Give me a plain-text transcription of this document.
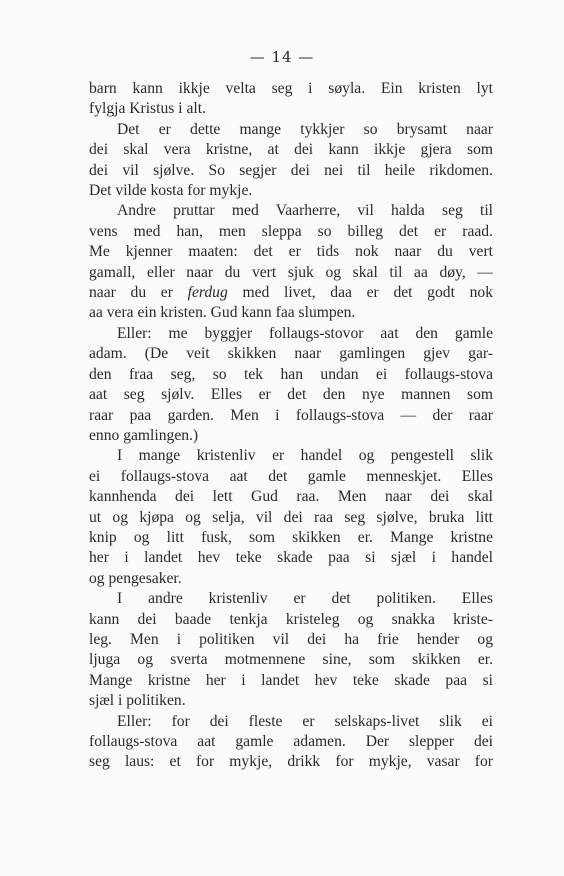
— 14 —
barn kann ikkje velta seg i søyla. Ein kristen lyt
fylgja Kristus i alt.
Det er dette mange tykkjer so brysamt naar
dei skal vera kristne, at dei kann ikkje gjera som
dei vil sjølve. So segjer dei nei til heile rikdomen.
Det vilde kosta for mykje.
Andre pruttar med Vaarherre, vil halda seg til
vens med han, men sleppa so billeg det er raad.
Me kjenner maaten: det er tids nok naar du vert
gamall, eller naar du vert sjuk og skal til aa døy, —
naar du er ferdug med livet, daa er det godt nok
aa vera ein kristen. Gud kann faa slumpen.
Eller: me byggjer follaugs-stovor aat den gamle
adam. (De veit skikken naar gamlingen gjev gar-
den fraa seg, so tek han undan ei follaugs-stova
aat seg sjølv. Elles er det den nye mannen som
raar paa garden. Men i follaugs-stova — der raar
enno gamlingen.)
I mange kristenliv er handel og pengestell slik
ei follaugs-stova aat det gamle menneskjet. Elles
kannhenda dei lett Gud raa. Men naar dei skal
ut og kjøpa og selja, vil dei raa seg sjølve, bruka litt
knip og litt fusk, som skikken er. Mange kristne
her i landet hev teke skade paa si sjæl i handel
og pengesaker.
I andre kristenliv er det politiken. Elles
kann dei baade tenkja kristeleg og snakka kriste-
leg. Men i politiken vil dei ha frie hender og
ljuga og sverta motmennene sine, som skikken er.
Mange kristne her i landet hev teke skade paa si
sjæl i politiken.
Eller: for dei fleste er selskaps-livet slik ei
follaugs-stova aat gamle adamen. Der slepper dei
seg laus: et for mykje, drikk for mykje, vasar for
